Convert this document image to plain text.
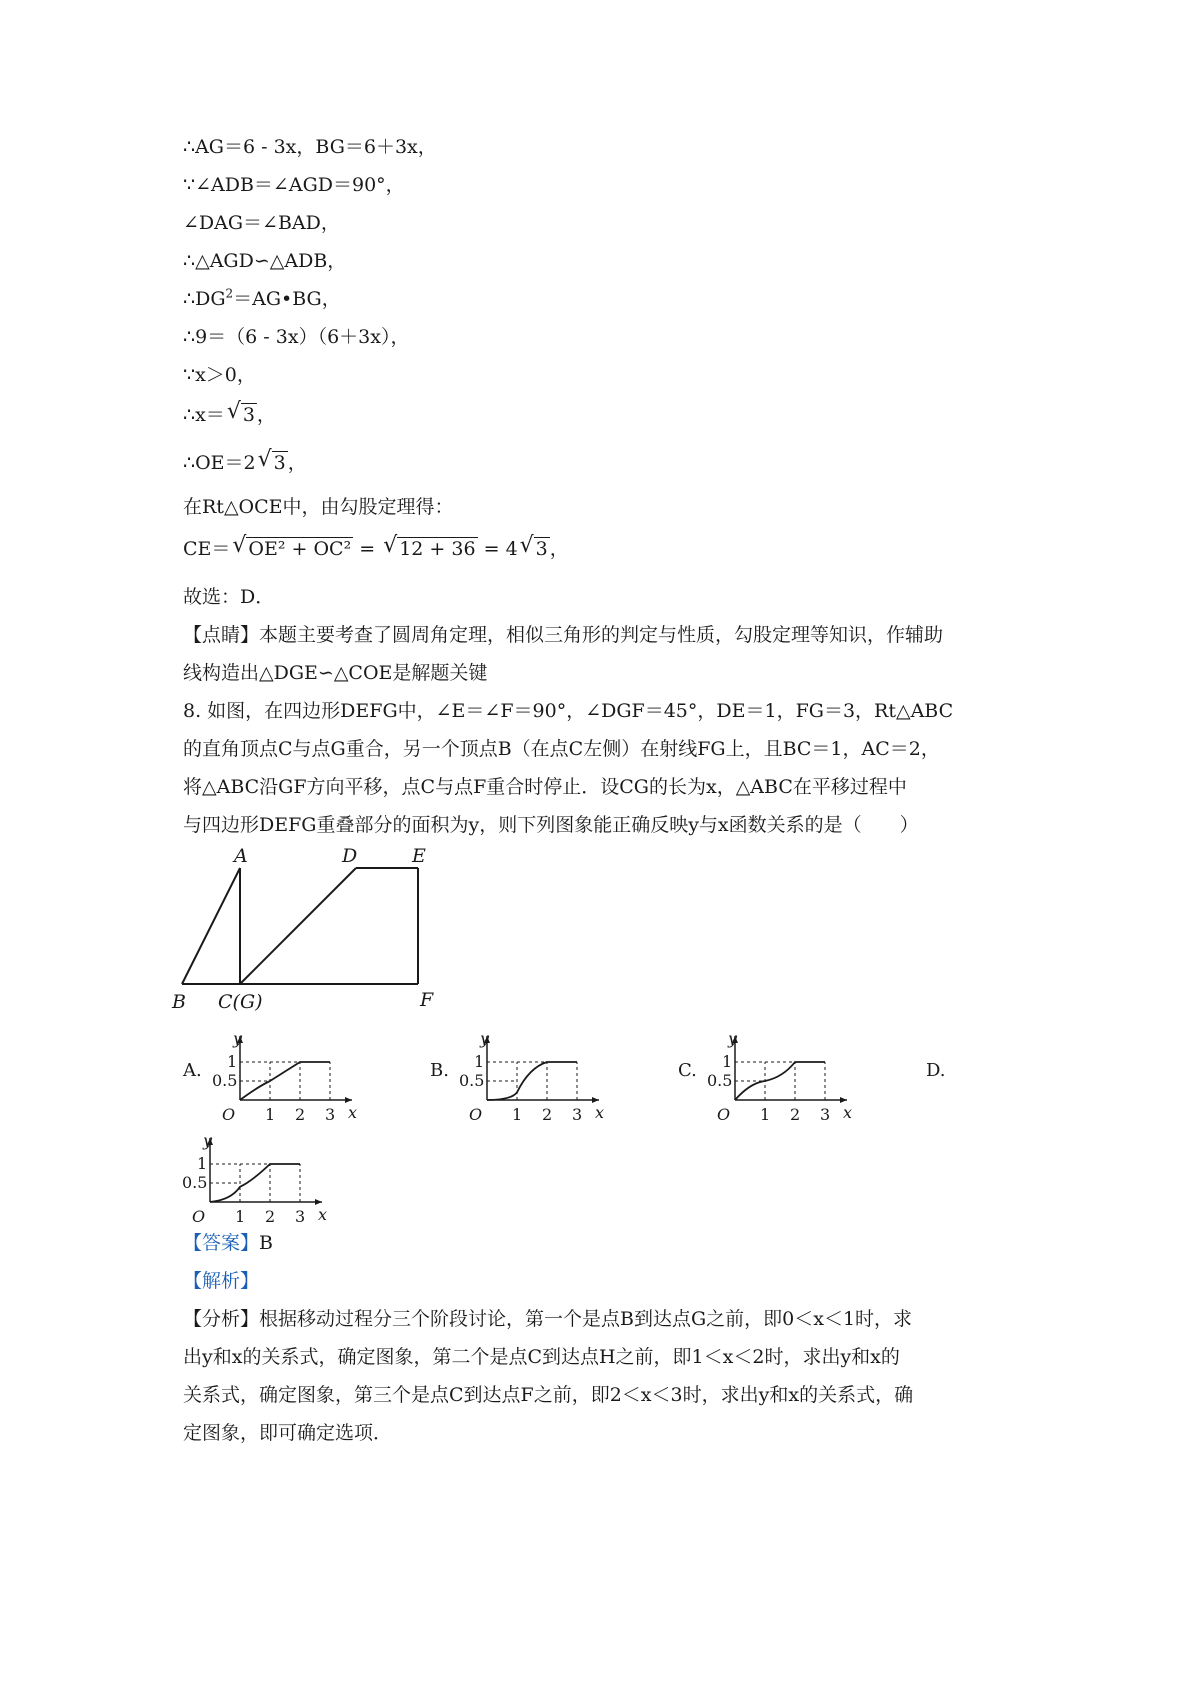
∴AG＝6 - 3x，BG＝6＋3x，
∵∠ADB＝∠AGD＝90°，
∠DAG＝∠BAD，
∴△AGD∽△ADB，
$\therefore DG^2=AG•BG$，
∴9＝（6 - 3x）（6＋3x），
∵x＞0，
∴x＝ √ 3 ，
∴OE＝2 √ 3 ，
在Rt△OCE中，由勾股定理得：
CE＝ √ OE² + OC² = √ 12 + 36 = 4 √ 3 ，
故选：D．
【点睛】本题主要考查了圆周角定理，相似三角形的判定与性质，勾股定理等知识，作辅助
线构造出△DGE∽△COE是解题关键
8. 如图，在四边形DEFG中，∠E＝∠F＝90°，∠DGF＝45°，DE＝1，FG＝3，Rt△ABC
的直角顶点C与点G重合，另一个顶点B（在点C左侧）在射线FG上，且BC＝1，AC＝2，
将△ABC沿GF方向平移，点C与点F重合时停止．设CG的长为x，△ABC在平移过程中
与四边形DEFG重叠部分的面积为y，则下列图象能正确反映y与x函数关系的是（　　）
A
B C(G)
D	E
F
A.	B.	C.	D.
y
x
O 1 2 3
1
0.5
y
x
O 1 2 3
1
0.5
y
x
O 1 2 3
1
0.5
y
x
O 1 2 3
1
0.5
【答案】B
【解析】
【分析】根据移动过程分三个阶段讨论，第一个是点B到达点G之前，即0＜x＜1时，求
出y和x的关系式，确定图象，第二个是点C到达点H之前，即1＜x＜2时，求出y和x的
关系式，确定图象，第三个是点C到达点F之前，即2＜x＜3时，求出y和x的关系式，确
定图象，即可确定选项．
